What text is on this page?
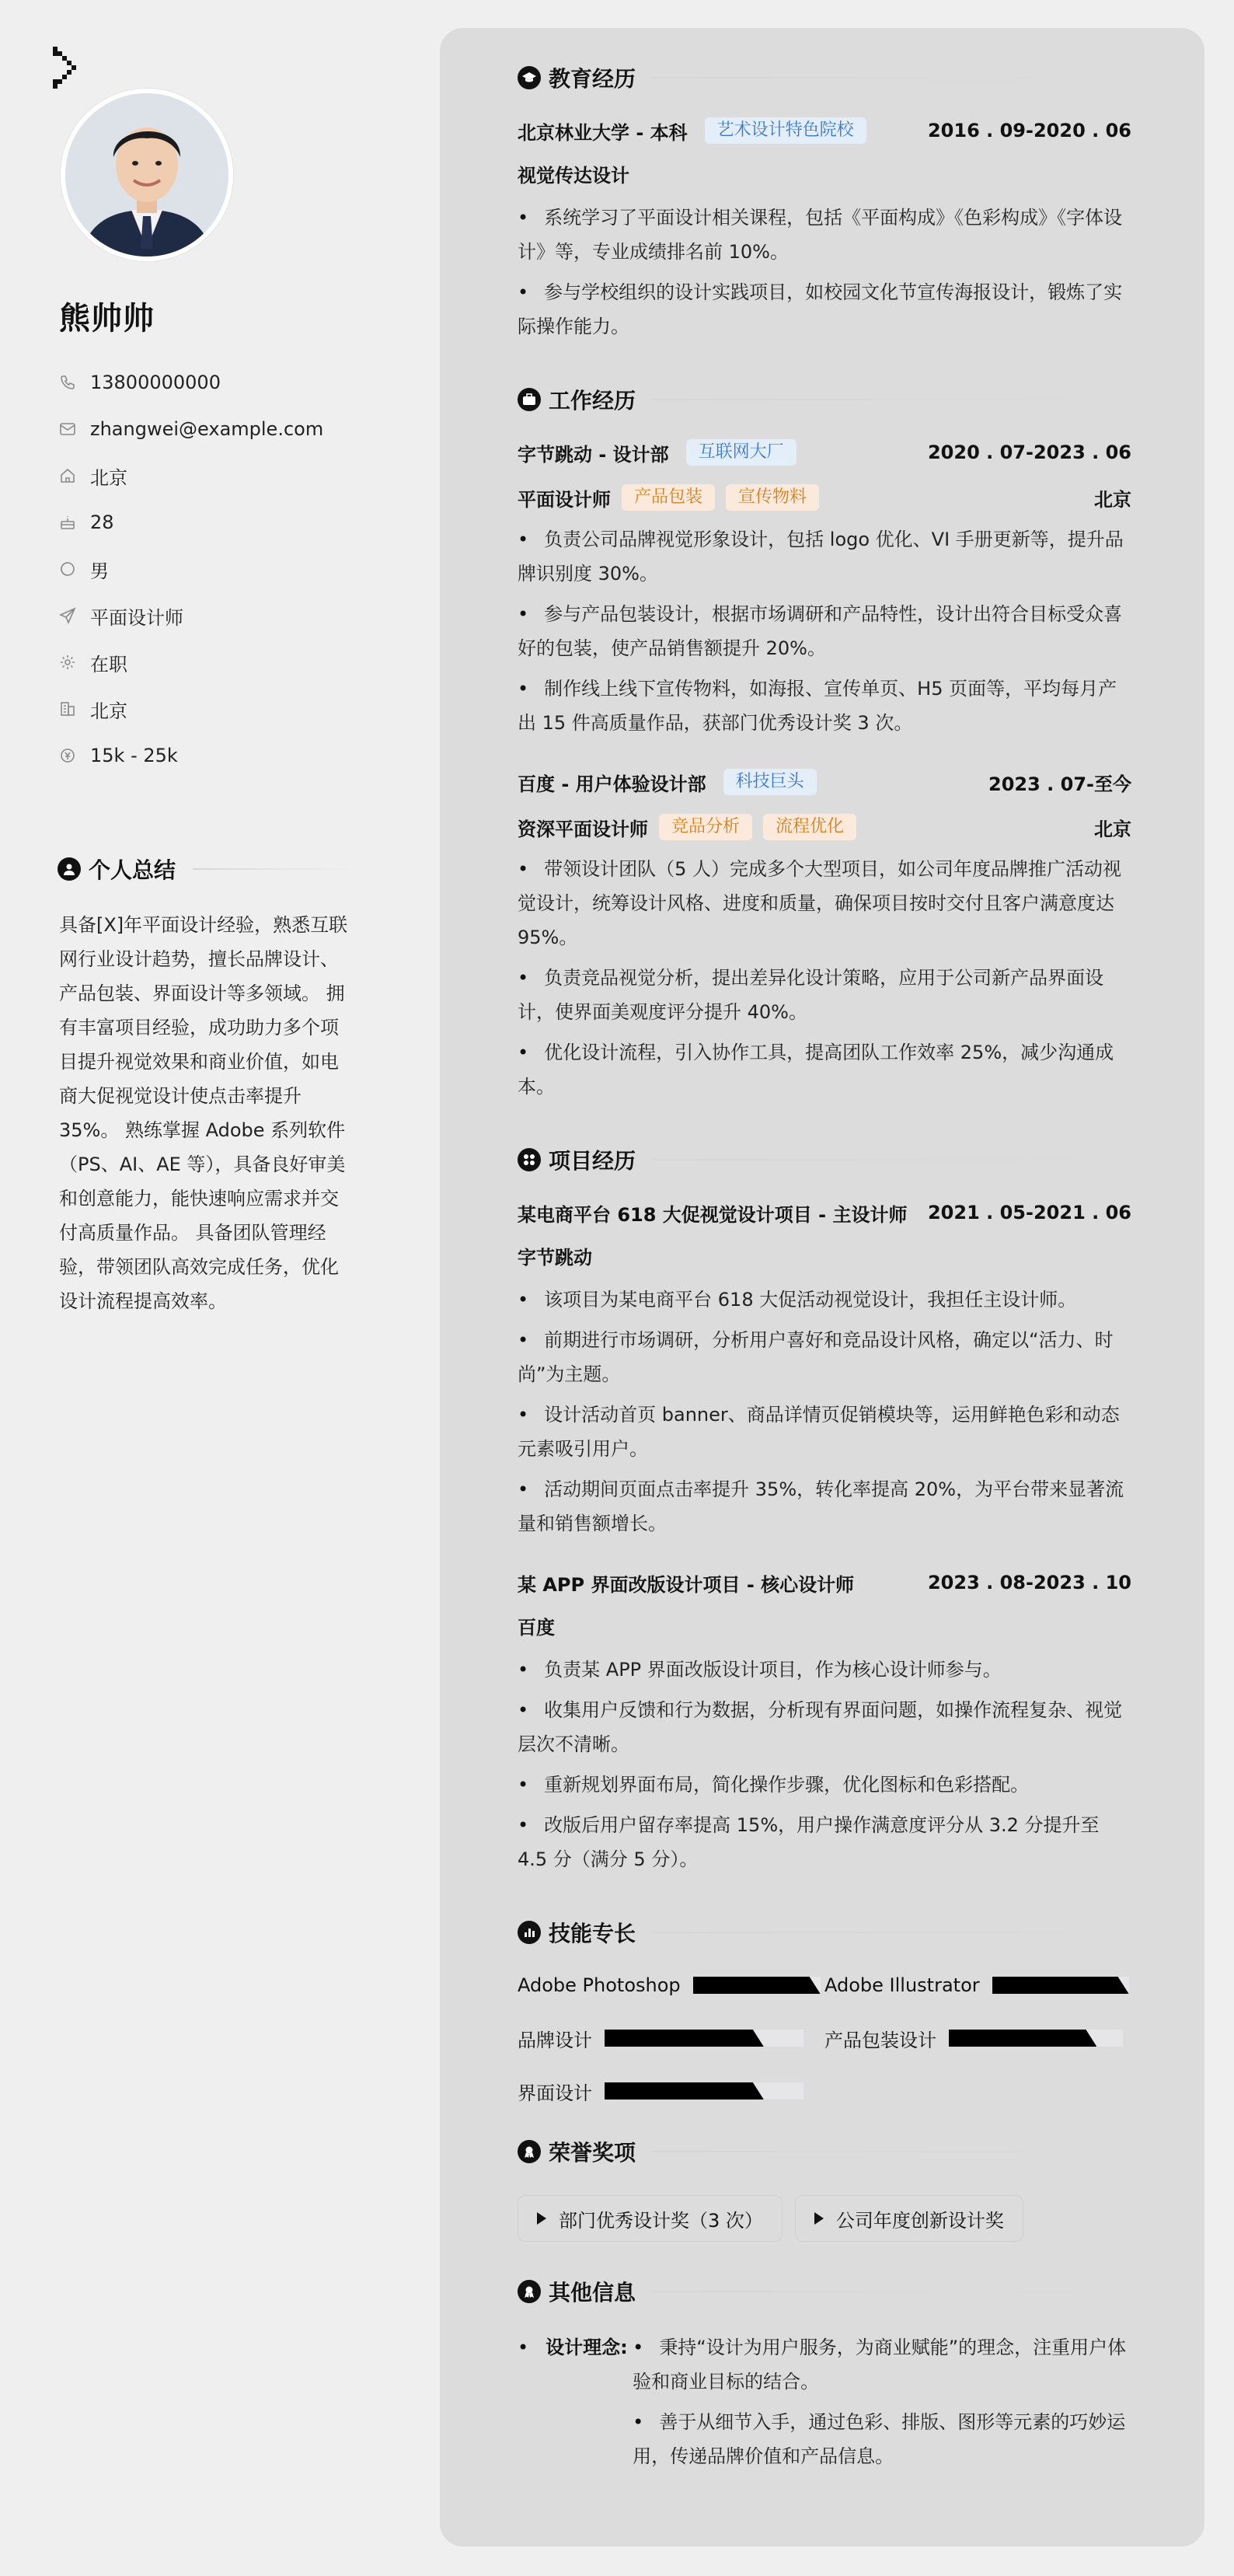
熊帅帅
13800000000
zhangwei@example.com
北京
28
男
平面设计师
在职
北京
15k - 25k
个人总结
具备[X]年平面设计经验，熟悉互联网行业设计趋势，擅长品牌设计、产品包装、界面设计等多领域。 拥有丰富项目经验，成功助力多个项目提升视觉效果和商业价值，如电商大促视觉设计使点击率提升 35%。 熟练掌握 Adobe 系列软件（PS、AI、AE 等），具备良好审美和创意能力，能快速响应需求并交付高质量作品。 具备团队管理经验，带领团队高效完成任务，优化设计流程提高效率。
教育经历
北京林业大学 - 本科	艺术设计特色院校	2016 . 09-2020 . 06
视觉传达设计
• 系统学习了平面设计相关课程，包括《平面构成》《色彩构成》《字体设计》等，专业成绩排名前 10%。
• 参与学校组织的设计实践项目，如校园文化节宣传海报设计，锻炼了实际操作能力。
工作经历
字节跳动 - 设计部	互联网大厂	2020 . 07-2023 . 06
平面设计师	产品包装	宣传物料	北京
• 负责公司品牌视觉形象设计，包括 logo 优化、VI 手册更新等，提升品牌识别度 30%。
• 参与产品包装设计，根据市场调研和产品特性，设计出符合目标受众喜好的包装，使产品销售额提升 20%。
• 制作线上线下宣传物料，如海报、宣传单页、H5 页面等，平均每月产出 15 件高质量作品，获部门优秀设计奖 3 次。
百度 - 用户体验设计部	科技巨头	2023 . 07-至今
资深平面设计师	竞品分析	流程优化	北京
• 带领设计团队（5 人）完成多个大型项目，如公司年度品牌推广活动视觉设计，统筹设计风格、进度和质量，确保项目按时交付且客户满意度达 95%。
• 负责竞品视觉分析，提出差异化设计策略，应用于公司新产品界面设计，使界面美观度评分提升 40%。
• 优化设计流程，引入协作工具，提高团队工作效率 25%，减少沟通成本。
项目经历
某电商平台 618 大促视觉设计项目 - 主设计师 2021 . 05-2021 . 06
字节跳动
• 该项目为某电商平台 618 大促活动视觉设计，我担任主设计师。
• 前期进行市场调研，分析用户喜好和竞品设计风格，确定以“活力、时尚”为主题。
• 设计活动首页 banner、商品详情页促销模块等，运用鲜艳色彩和动态元素吸引用户。
• 活动期间页面点击率提升 35%，转化率提高 20%，为平台带来显著流量和销售额增长。
某 APP 界面改版设计项目 - 核心设计师	2023 . 08-2023 . 10
百度
• 负责某 APP 界面改版设计项目，作为核心设计师参与。
• 收集用户反馈和行为数据，分析现有界面问题，如操作流程复杂、视觉层次不清晰。
• 重新规划界面布局，简化操作步骤，优化图标和色彩搭配。
• 改版后用户留存率提高 15%，用户操作满意度评分从 3.2 分提升至 4.5 分（满分 5 分）。
技能专长
Adobe Photoshop	Adobe Illustrator
品牌设计	产品包装设计
界面设计
荣誉奖项
部门优秀设计奖（3 次）	公司年度创新设计奖
其他信息
• 设计理念:
•	秉持“设计为用户服务，为商业赋能”的理念，注重用户体验和商业目标的结合。
• 善于从细节入手，通过色彩、排版、图形等元素的巧妙运用，传递品牌价值和产品信息。
